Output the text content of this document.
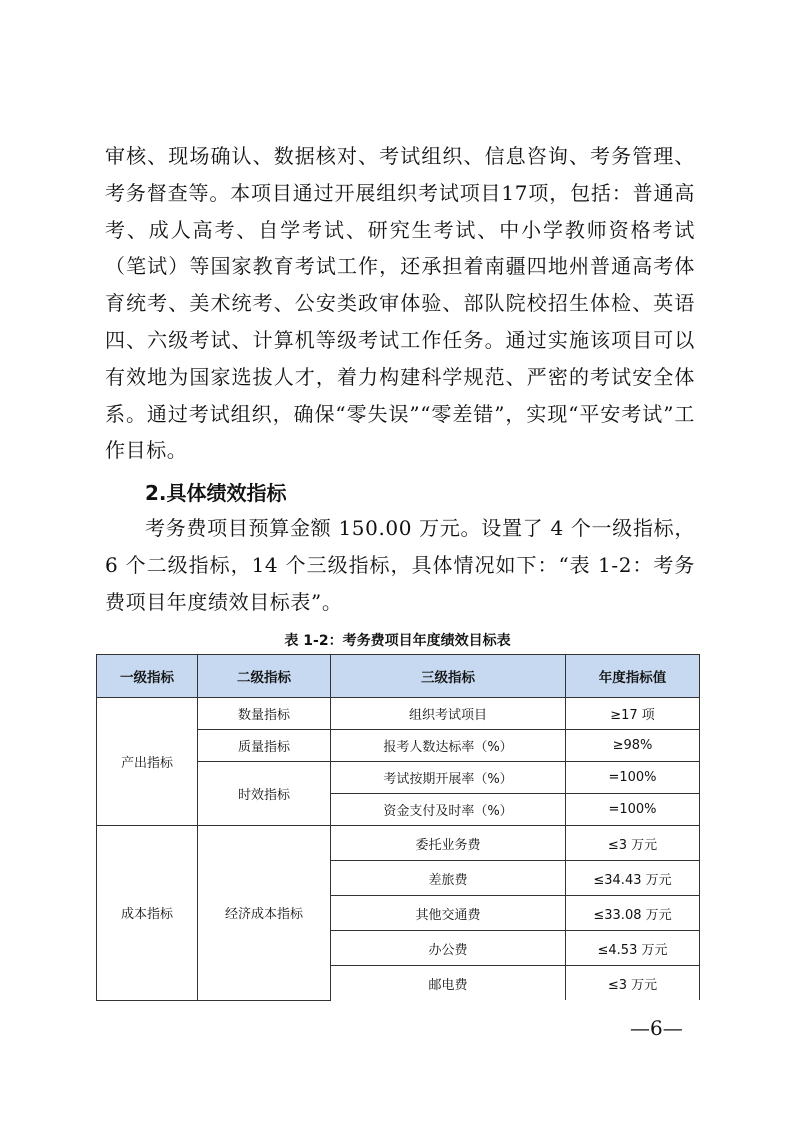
审核、现场确认、数据核对、考试组织、信息咨询、考务管理、考务督查等。本项目通过开展组织考试项目17项，包括：普通高考、成人高考、自学考试、研究生考试、中小学教师资格考试（笔试）等国家教育考试工作，还承担着南疆四地州普通高考体育统考、美术统考、公安类政审体验、部队院校招生体检、英语四、六级考试、计算机等级考试工作任务。通过实施该项目可以有效地为国家选拔人才，着力构建科学规范、严密的考试安全体系。通过考试组织，确保“零失误”“零差错”，实现“平安考试”工作目标。

2.具体绩效指标

考务费项目预算金额 150.00 万元。设置了 4 个一级指标，6 个二级指标，14 个三级指标，具体情况如下：“表 1-2：考务费项目年度绩效目标表”。

表 1-2：考务费项目年度绩效目标表

一级指标	二级指标	三级指标	年度指标值
产出指标	数量指标	组织考试项目	≥17 项
	质量指标	报考人数达标率（%）	≥98%
	时效指标	考试按期开展率（%）	=100%
		资金支付及时率（%）	=100%
成本指标	经济成本指标	委托业务费	≤3 万元
		差旅费	≤34.43 万元
		其他交通费	≤33.08 万元
		办公费	≤4.53 万元
		邮电费	≤3 万元

—6—
